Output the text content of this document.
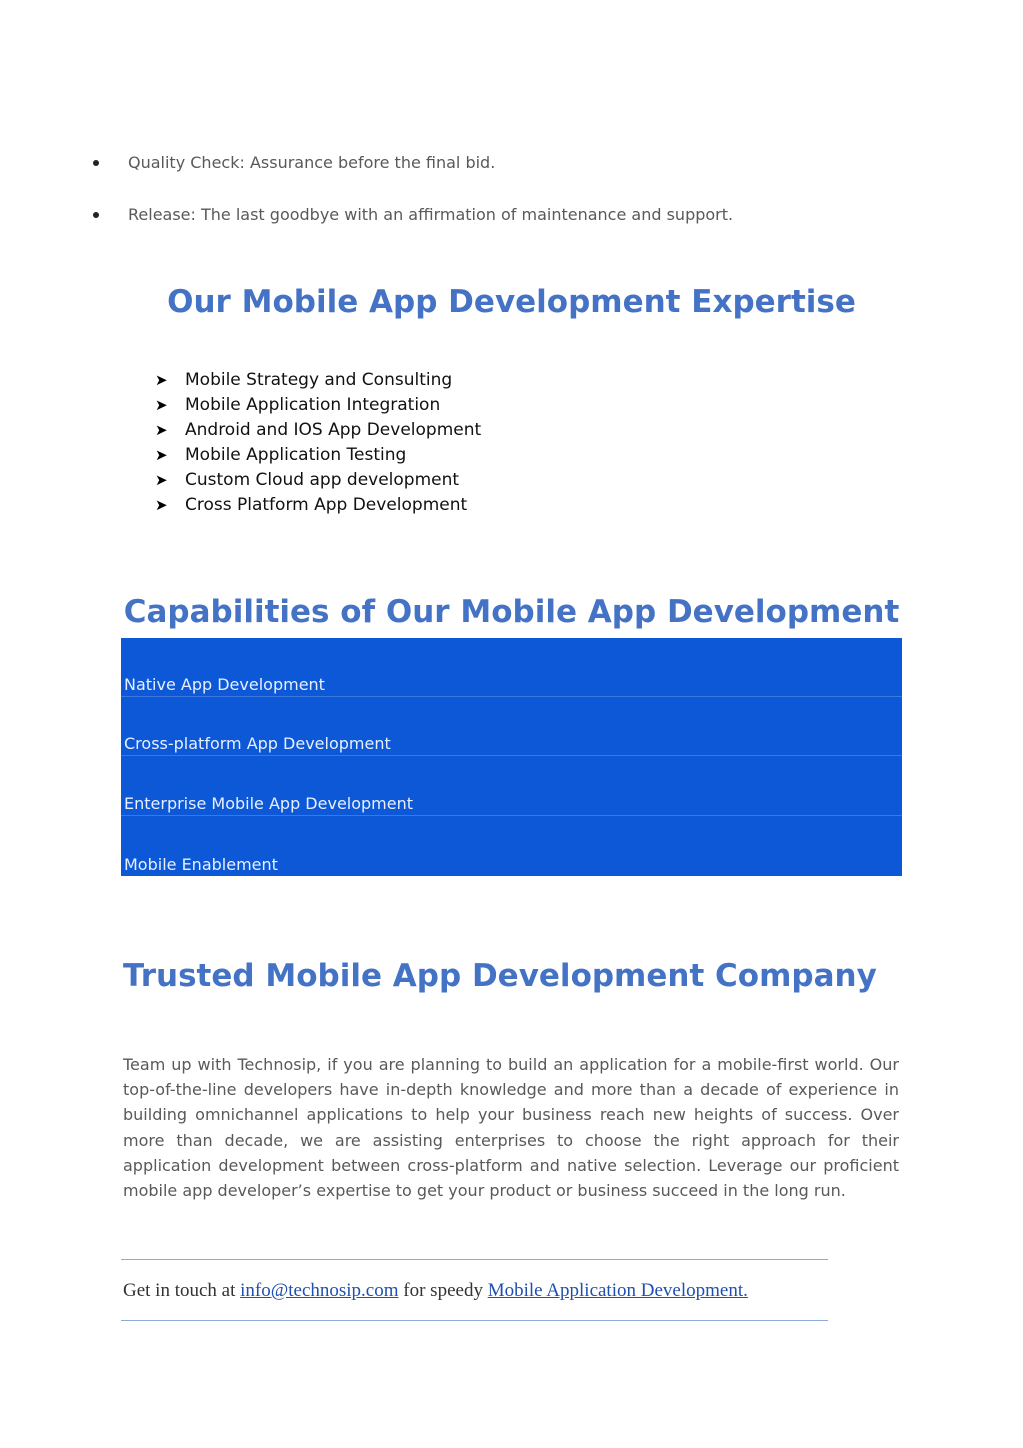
Quality Check: Assurance before the final bid.
Release: The last goodbye with an affirmation of maintenance and support.
Our Mobile App Development Expertise
➤ Mobile Strategy and Consulting
➤ Mobile Application Integration
➤ Android and IOS App Development
➤ Mobile Application Testing
➤ Custom Cloud app development
➤ Cross Platform App Development
Capabilities of Our Mobile App Development
Native App Development
Cross-platform App Development
Enterprise Mobile App Development
Mobile Enablement
Trusted Mobile App Development Company

Team up with Technosip, if you are planning to build an application for a mobile-first world. Our top-of-the-line developers have in-depth knowledge and more than a decade of experience in building omnichannel applications to help your business reach new heights of success. Over more than decade, we are assisting enterprises to choose the right approach for their application development between cross-platform and native selection. Leverage our proficient mobile app developer’s expertise to get your product or business succeed in the long run.

Get in touch at info@technosip.com for speedy Mobile Application Development.
